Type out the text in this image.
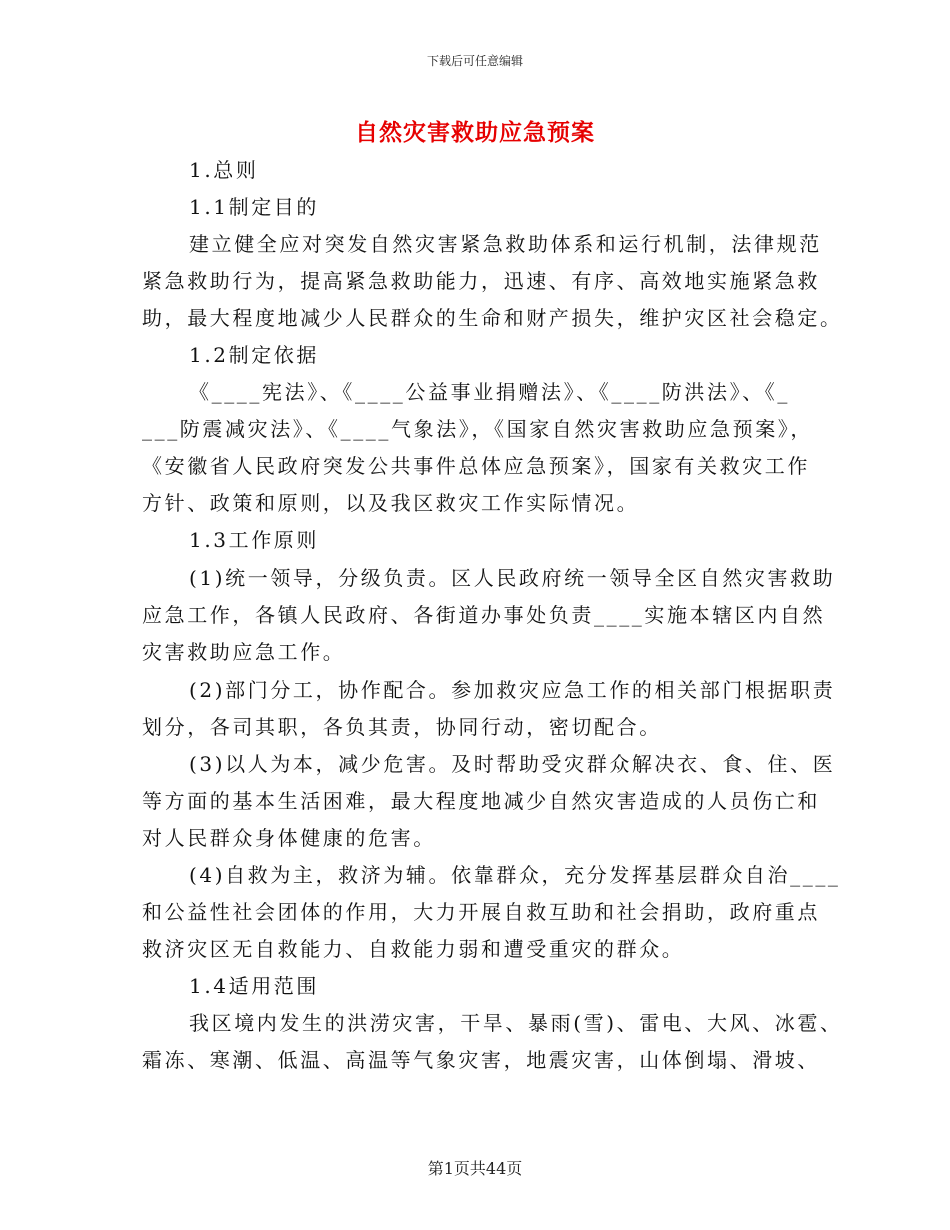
下载后可任意编辑
自然灾害救助应急预案
1.总则
1.1制定目的
建立健全应对突发自然灾害紧急救助体系和运行机制，法律规范
紧急救助行为，提高紧急救助能力，迅速、有序、高效地实施紧急救
助，最大程度地减少人民群众的生命和财产损失，维护灾区社会稳定。
1.2制定依据
《____宪法》、《____公益事业捐赠法》、《____防洪法》、《_
___防震减灾法》、《____气象法》，《国家自然灾害救助应急预案》，
《安徽省人民政府突发公共事件总体应急预案》，国家有关救灾工作
方针、政策和原则，以及我区救灾工作实际情况。
1.3工作原则
(1)统一领导，分级负责。区人民政府统一领导全区自然灾害救助
应急工作，各镇人民政府、各街道办事处负责____实施本辖区内自然
灾害救助应急工作。
(2)部门分工，协作配合。参加救灾应急工作的相关部门根据职责
划分，各司其职，各负其责，协同行动，密切配合。
(3)以人为本，减少危害。及时帮助受灾群众解决衣、食、住、医
等方面的基本生活困难，最大程度地减少自然灾害造成的人员伤亡和
对人民群众身体健康的危害。
(4)自救为主，救济为辅。依靠群众，充分发挥基层群众自治____
和公益性社会团体的作用，大力开展自救互助和社会捐助，政府重点
救济灾区无自救能力、自救能力弱和遭受重灾的群众。
1.4适用范围
我区境内发生的洪涝灾害，干旱、暴雨(雪)、雷电、大风、冰雹、
霜冻、寒潮、低温、高温等气象灾害，地震灾害，山体倒塌、滑坡、
第1页共44页
